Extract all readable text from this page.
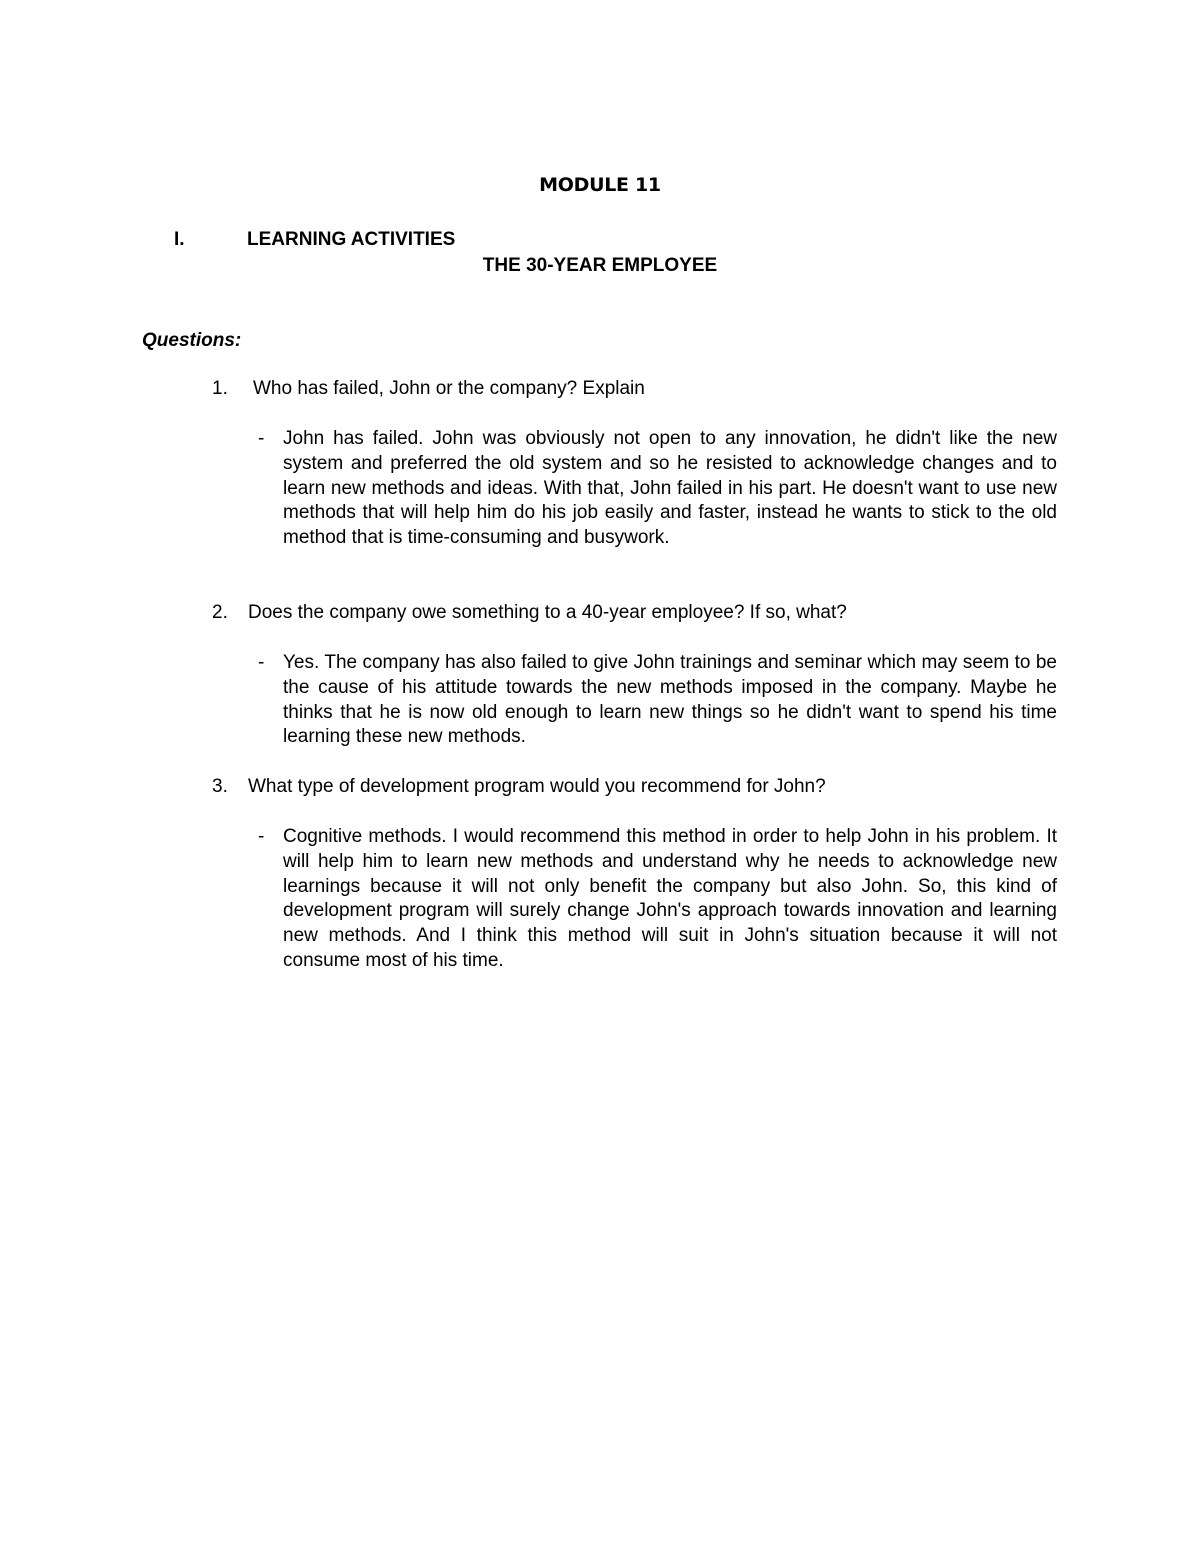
MODULE 11
I.	LEARNING ACTIVITIES
THE 30-YEAR EMPLOYEE
Questions:
1. Who has failed, John or the company? Explain
- John has failed. John was obviously not open to any innovation, he didn't like the new system and preferred the old system and so he resisted to acknowledge changes and to learn new methods and ideas. With that, John failed in his part. He doesn't want to use new methods that will help him do his job easily and faster, instead he wants to stick to the old method that is time-consuming and busywork.
2. Does the company owe something to a 40-year employee? If so, what?
- Yes. The company has also failed to give John trainings and seminar which may seem to be the cause of his attitude towards the new methods imposed in the company. Maybe he thinks that he is now old enough to learn new things so he didn't want to spend his time learning these new methods.
3. What type of development program would you recommend for John?
- Cognitive methods. I would recommend this method in order to help John in his problem. It will help him to learn new methods and understand why he needs to acknowledge new learnings because it will not only benefit the company but also John. So, this kind of development program will surely change John's approach towards innovation and learning new methods. And I think this method will suit in John's situation because it will not consume most of his time.
